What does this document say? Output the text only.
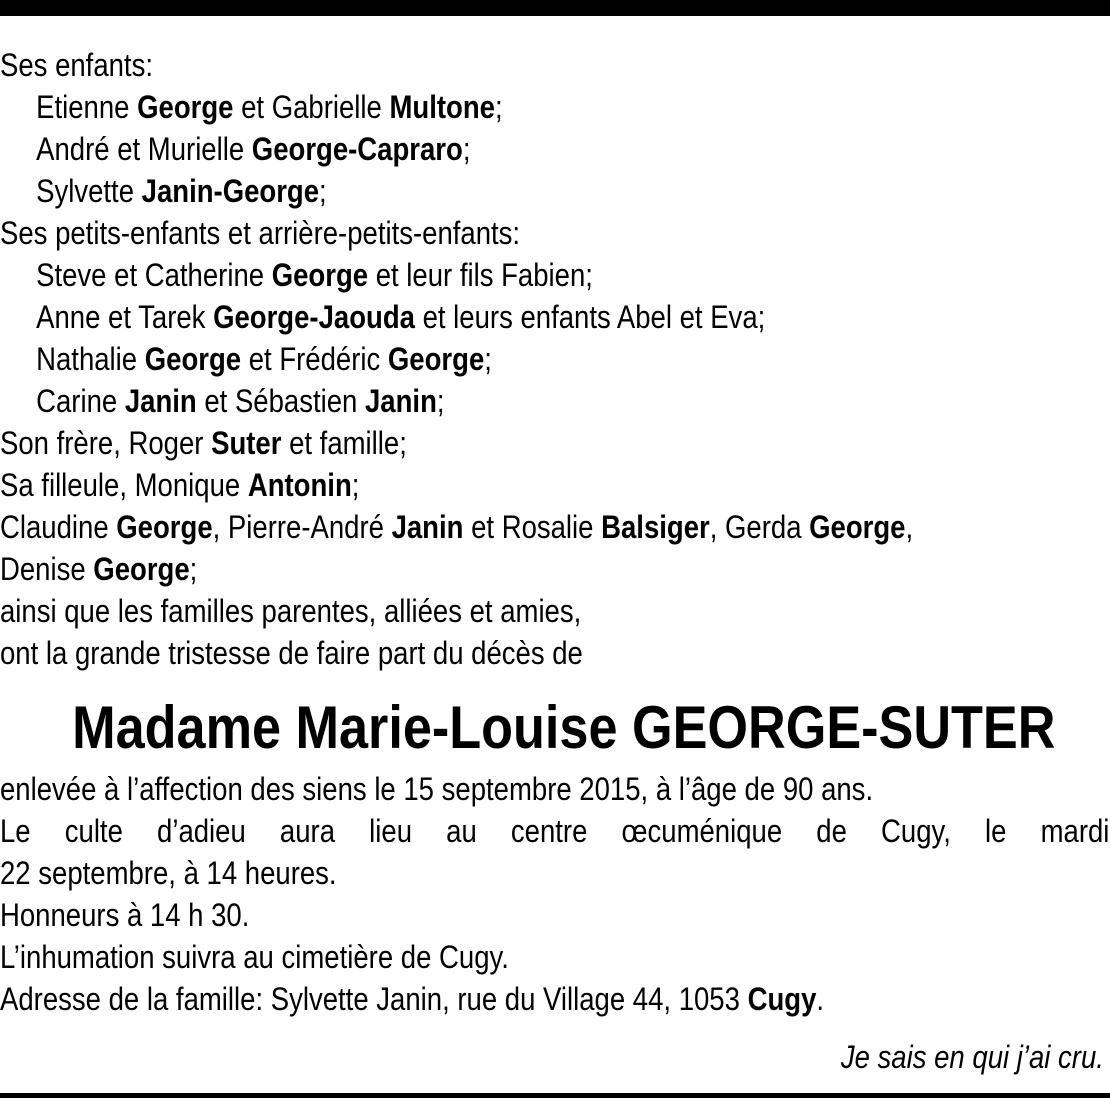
Ses enfants:
Etienne George et Gabrielle Multone;
André et Murielle George-Capraro;
Sylvette Janin-George;
Ses petits-enfants et arrière-petits-enfants:
Steve et Catherine George et leur fils Fabien;
Anne et Tarek George-Jaouda et leurs enfants Abel et Eva;
Nathalie George et Frédéric George;
Carine Janin et Sébastien Janin;
Son frère, Roger Suter et famille;
Sa filleule, Monique Antonin;
Claudine George, Pierre-André Janin et Rosalie Balsiger, Gerda George,
Denise George;
ainsi que les familles parentes, alliées et amies,
ont la grande tristesse de faire part du décès de
Madame Marie-Louise GEORGE-SUTER
enlevée à l’affection des siens le 15 septembre 2015, à l’âge de 90 ans.
Le culte d’adieu aura lieu au centre œcuménique de Cugy, le mardi
22 septembre, à 14 heures.
Honneurs à 14 h 30.
L’inhumation suivra au cimetière de Cugy.
Adresse de la famille: Sylvette Janin, rue du Village 44, 1053 Cugy.
Je sais en qui j’ai cru.
